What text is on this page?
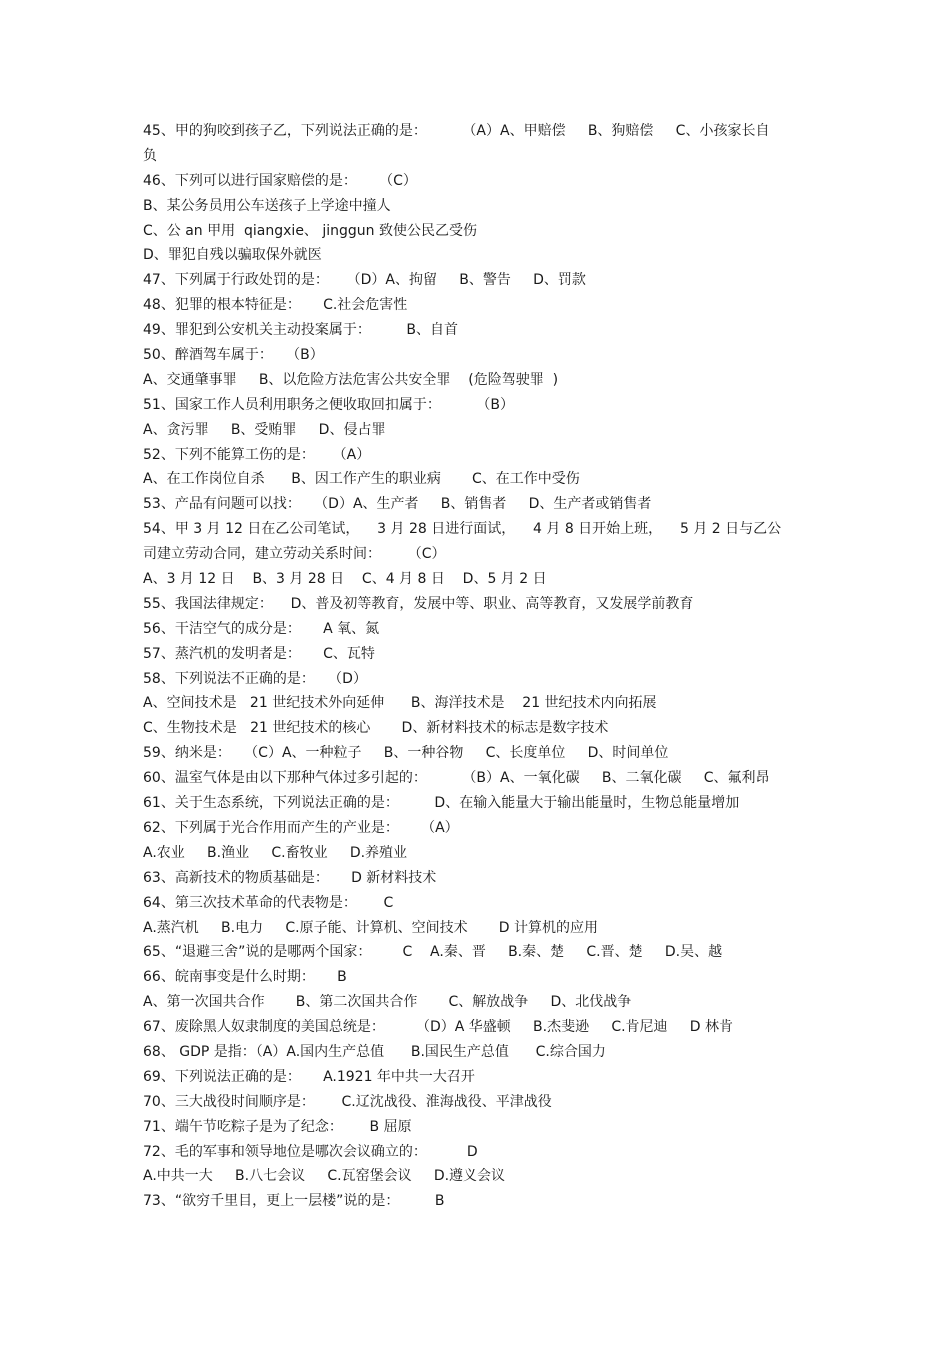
45、甲的狗咬到孩子乙，下列说法正确的是：        （A）A、甲赔偿     B、狗赔偿     C、小孩家长自
负
46、下列可以进行国家赔偿的是：     （C）
B、某公务员用公车送孩子上学途中撞人
C、公 an 甲用  qiangxie、 jinggun 致使公民乙受伤
D、罪犯自残以骗取保外就医
47、下列属于行政处罚的是：    （D）A、拘留     B、警告     D、罚款
48、犯罪的根本特征是：     C.社会危害性
49、罪犯到公安机关主动投案属于：        B、自首
50、醉酒驾车属于：   （B）
A、交通肇事罪     B、以危险方法危害公共安全罪    (危险驾驶罪  )
51、国家工作人员利用职务之便收取回扣属于：        （B）
A、贪污罪     B、受贿罪     D、侵占罪
52、下列不能算工伤的是：    （A）
A、在工作岗位自杀      B、因工作产生的职业病       C、在工作中受伤
53、产品有问题可以找：   （D）A、生产者     B、销售者     D、生产者或销售者
54、甲 3 月 12 日在乙公司笔试，    3 月 28 日进行面试，    4 月 8 日开始上班，    5 月 2 日与乙公
司建立劳动合同，建立劳动关系时间：      （C）
A、3 月 12 日    B、3 月 28 日    C、4 月 8 日    D、5 月 2 日
55、我国法律规定：    D、普及初等教育，发展中等、职业、高等教育，又发展学前教育
56、干洁空气的成分是：     A 氧、氮
57、蒸汽机的发明者是：     C、瓦特
58、下列说法不正确的是：   （D）
A、空间技术是   21 世纪技术外向延伸      B、海洋技术是    21 世纪技术内向拓展
C、生物技术是   21 世纪技术的核心       D、新材料技术的标志是数字技术
59、纳米是：   （C）A、一种粒子     B、一种谷物     C、长度单位     D、时间单位
60、温室气体是由以下那种气体过多引起的：        （B）A、一氧化碳     B、二氧化碳     C、氟利昂
61、关于生态系统，下列说法正确的是：        D、在输入能量大于输出能量时，生物总能量增加
62、下列属于光合作用而产生的产业是：     （A）
A.农业     B.渔业     C.畜牧业     D.养殖业
63、高新技术的物质基础是：     D 新材料技术
64、第三次技术革命的代表物是：      C
A.蒸汽机     B.电力     C.原子能、计算机、空间技术       D 计算机的应用
65、“退避三舍”说的是哪两个国家：       C    A.秦、晋     B.秦、楚     C.晋、楚     D.吴、越
66、皖南事变是什么时期：     B
A、第一次国共合作       B、第二次国共合作       C、解放战争     D、北伐战争
67、废除黑人奴隶制度的美国总统是：       （D）A 华盛顿     B.杰斐逊     C.肯尼迪     D 林肯
68、 GDP 是指：（A）A.国内生产总值      B.国民生产总值      C.综合国力
69、下列说法正确的是：     A.1921 年中共一大召开
70、三大战役时间顺序是：      C.辽沈战役、淮海战役、平津战役
71、端午节吃粽子是为了纪念：      B 屈原
72、毛的军事和领导地位是哪次会议确立的：         D
A.中共一大     B.八七会议     C.瓦窑堡会议     D.遵义会议
73、“欲穷千里目，更上一层楼”说的是：        B
